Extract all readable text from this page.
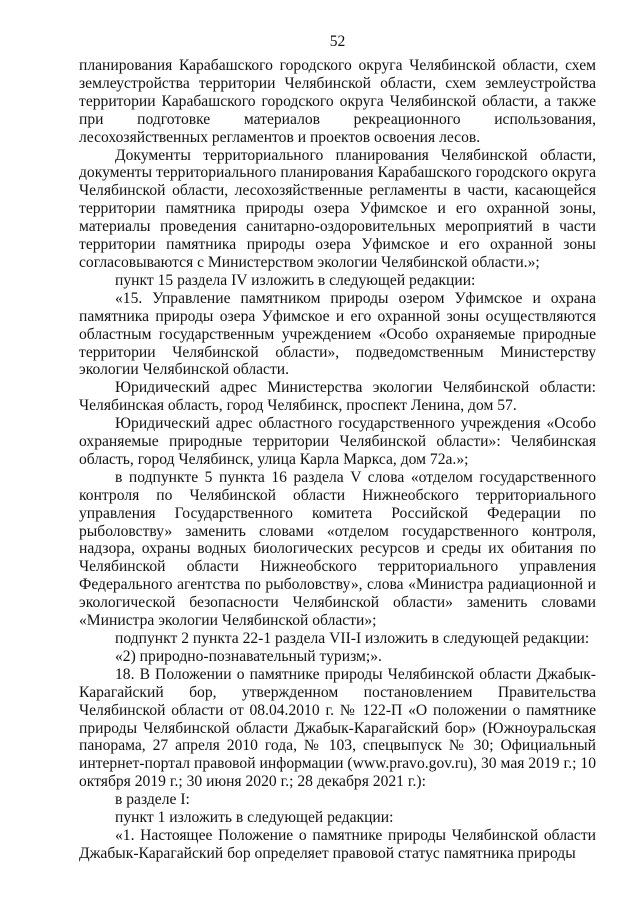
52

планирования Карабашского городского округа Челябинской области, схем землеустройства территории Челябинской области, схем землеустройства территории Карабашского городского округа Челябинской области, а также при подготовке материалов рекреационного использования, лесохозяйственных регламентов и проектов освоения лесов.

Документы территориального планирования Челябинской области, документы территориального планирования Карабашского городского округа Челябинской области, лесохозяйственные регламенты в части, касающейся территории памятника природы озера Уфимское и его охранной зоны, материалы проведения санитарно-оздоровительных мероприятий в части территории памятника природы озера Уфимское и его охранной зоны согласовываются с Министерством экологии Челябинской области.»;

пункт 15 раздела IV изложить в следующей редакции:

«15. Управление памятником природы озером Уфимское и охрана памятника природы озера Уфимское и его охранной зоны осуществляются областным государственным учреждением «Особо охраняемые природные территории Челябинской области», подведомственным Министерству экологии Челябинской области.

Юридический адрес Министерства экологии Челябинской области: Челябинская область, город Челябинск, проспект Ленина, дом 57.

Юридический адрес областного государственного учреждения «Особо охраняемые природные территории Челябинской области»: Челябинская область, город Челябинск, улица Карла Маркса, дом 72а.»;

в подпункте 5 пункта 16 раздела V слова «отделом государственного контроля по Челябинской области Нижнеобского территориального управления Государственного комитета Российской Федерации по рыболовству» заменить словами «отделом государственного контроля, надзора, охраны водных биологических ресурсов и среды их обитания по Челябинской области Нижнеобского территориального управления Федерального агентства по рыболовству», слова «Министра радиационной и экологической безопасности Челябинской области» заменить словами «Министра экологии Челябинской области»;

подпункт 2 пункта 22-1 раздела VII-I изложить в следующей редакции:

«2) природно-познавательный туризм;».

18. В Положении о памятнике природы Челябинской области Джабык-Карагайский бор, утвержденном постановлением Правительства Челябинской области от 08.04.2010 г. № 122-П «О положении о памятнике природы Челябинской области Джабык-Карагайский бор» (Южноуральская панорама, 27 апреля 2010 года, № 103, спецвыпуск № 30; Официальный интернет-портал правовой информации (www.pravo.gov.ru), 30 мая 2019 г.; 10 октября 2019 г.; 30 июня 2020 г.; 28 декабря 2021 г.):

в разделе I:

пункт 1 изложить в следующей редакции:

«1. Настоящее Положение о памятнике природы Челябинской области Джабык-Карагайский бор определяет правовой статус памятника природы
